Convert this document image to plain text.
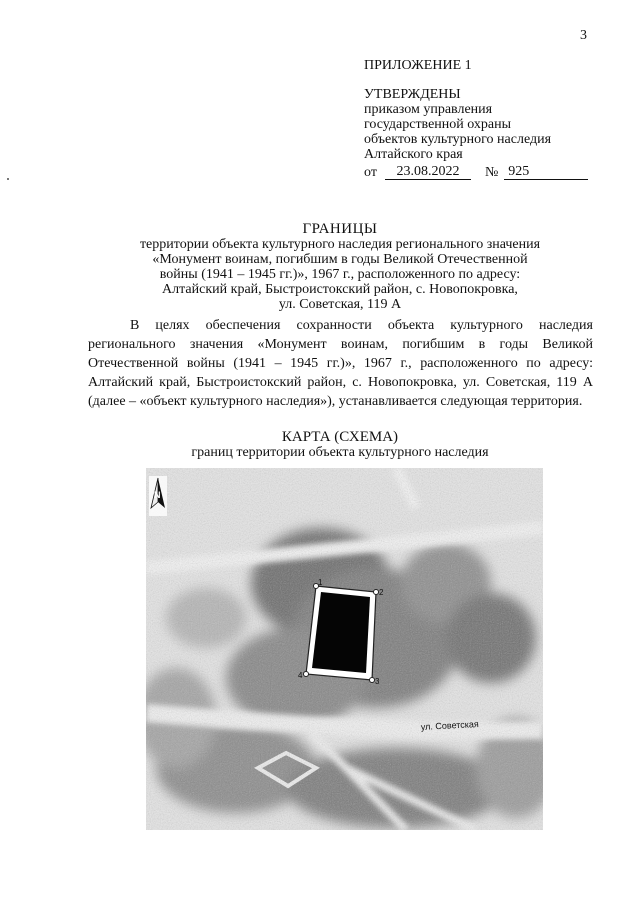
3
ПРИЛОЖЕНИЕ 1
УТВЕРЖДЕНЫ
приказом управления
государственной охраны
объектов культурного наследия
Алтайского края
от	23.08.2022	№ 925
ГРАНИЦЫ
территории объекта культурного наследия регионального значения
«Монумент воинам, погибшим в годы Великой Отечественной
войны (1941 – 1945 гг.)», 1967 г., расположенного по адресу:
Алтайский край, Быстроистокский район, с. Новопокровка,
ул. Советская, 119 А
В целях обеспечения сохранности объекта культурного наследия регионального значения «Монумент воинам, погибшим в годы Великой Отечественной войны (1941 – 1945 гг.)», 1967 г., расположенного по адресу: Алтайский край, Быстроистокский район, с. Новопокровка, ул. Советская, 119 А (далее – «объект культурного наследия»), устанавливается следующая территория.
КАРТА (СХЕМА)
границ территории объекта культурного наследия
1
2
3
4
ул. Советская
N
